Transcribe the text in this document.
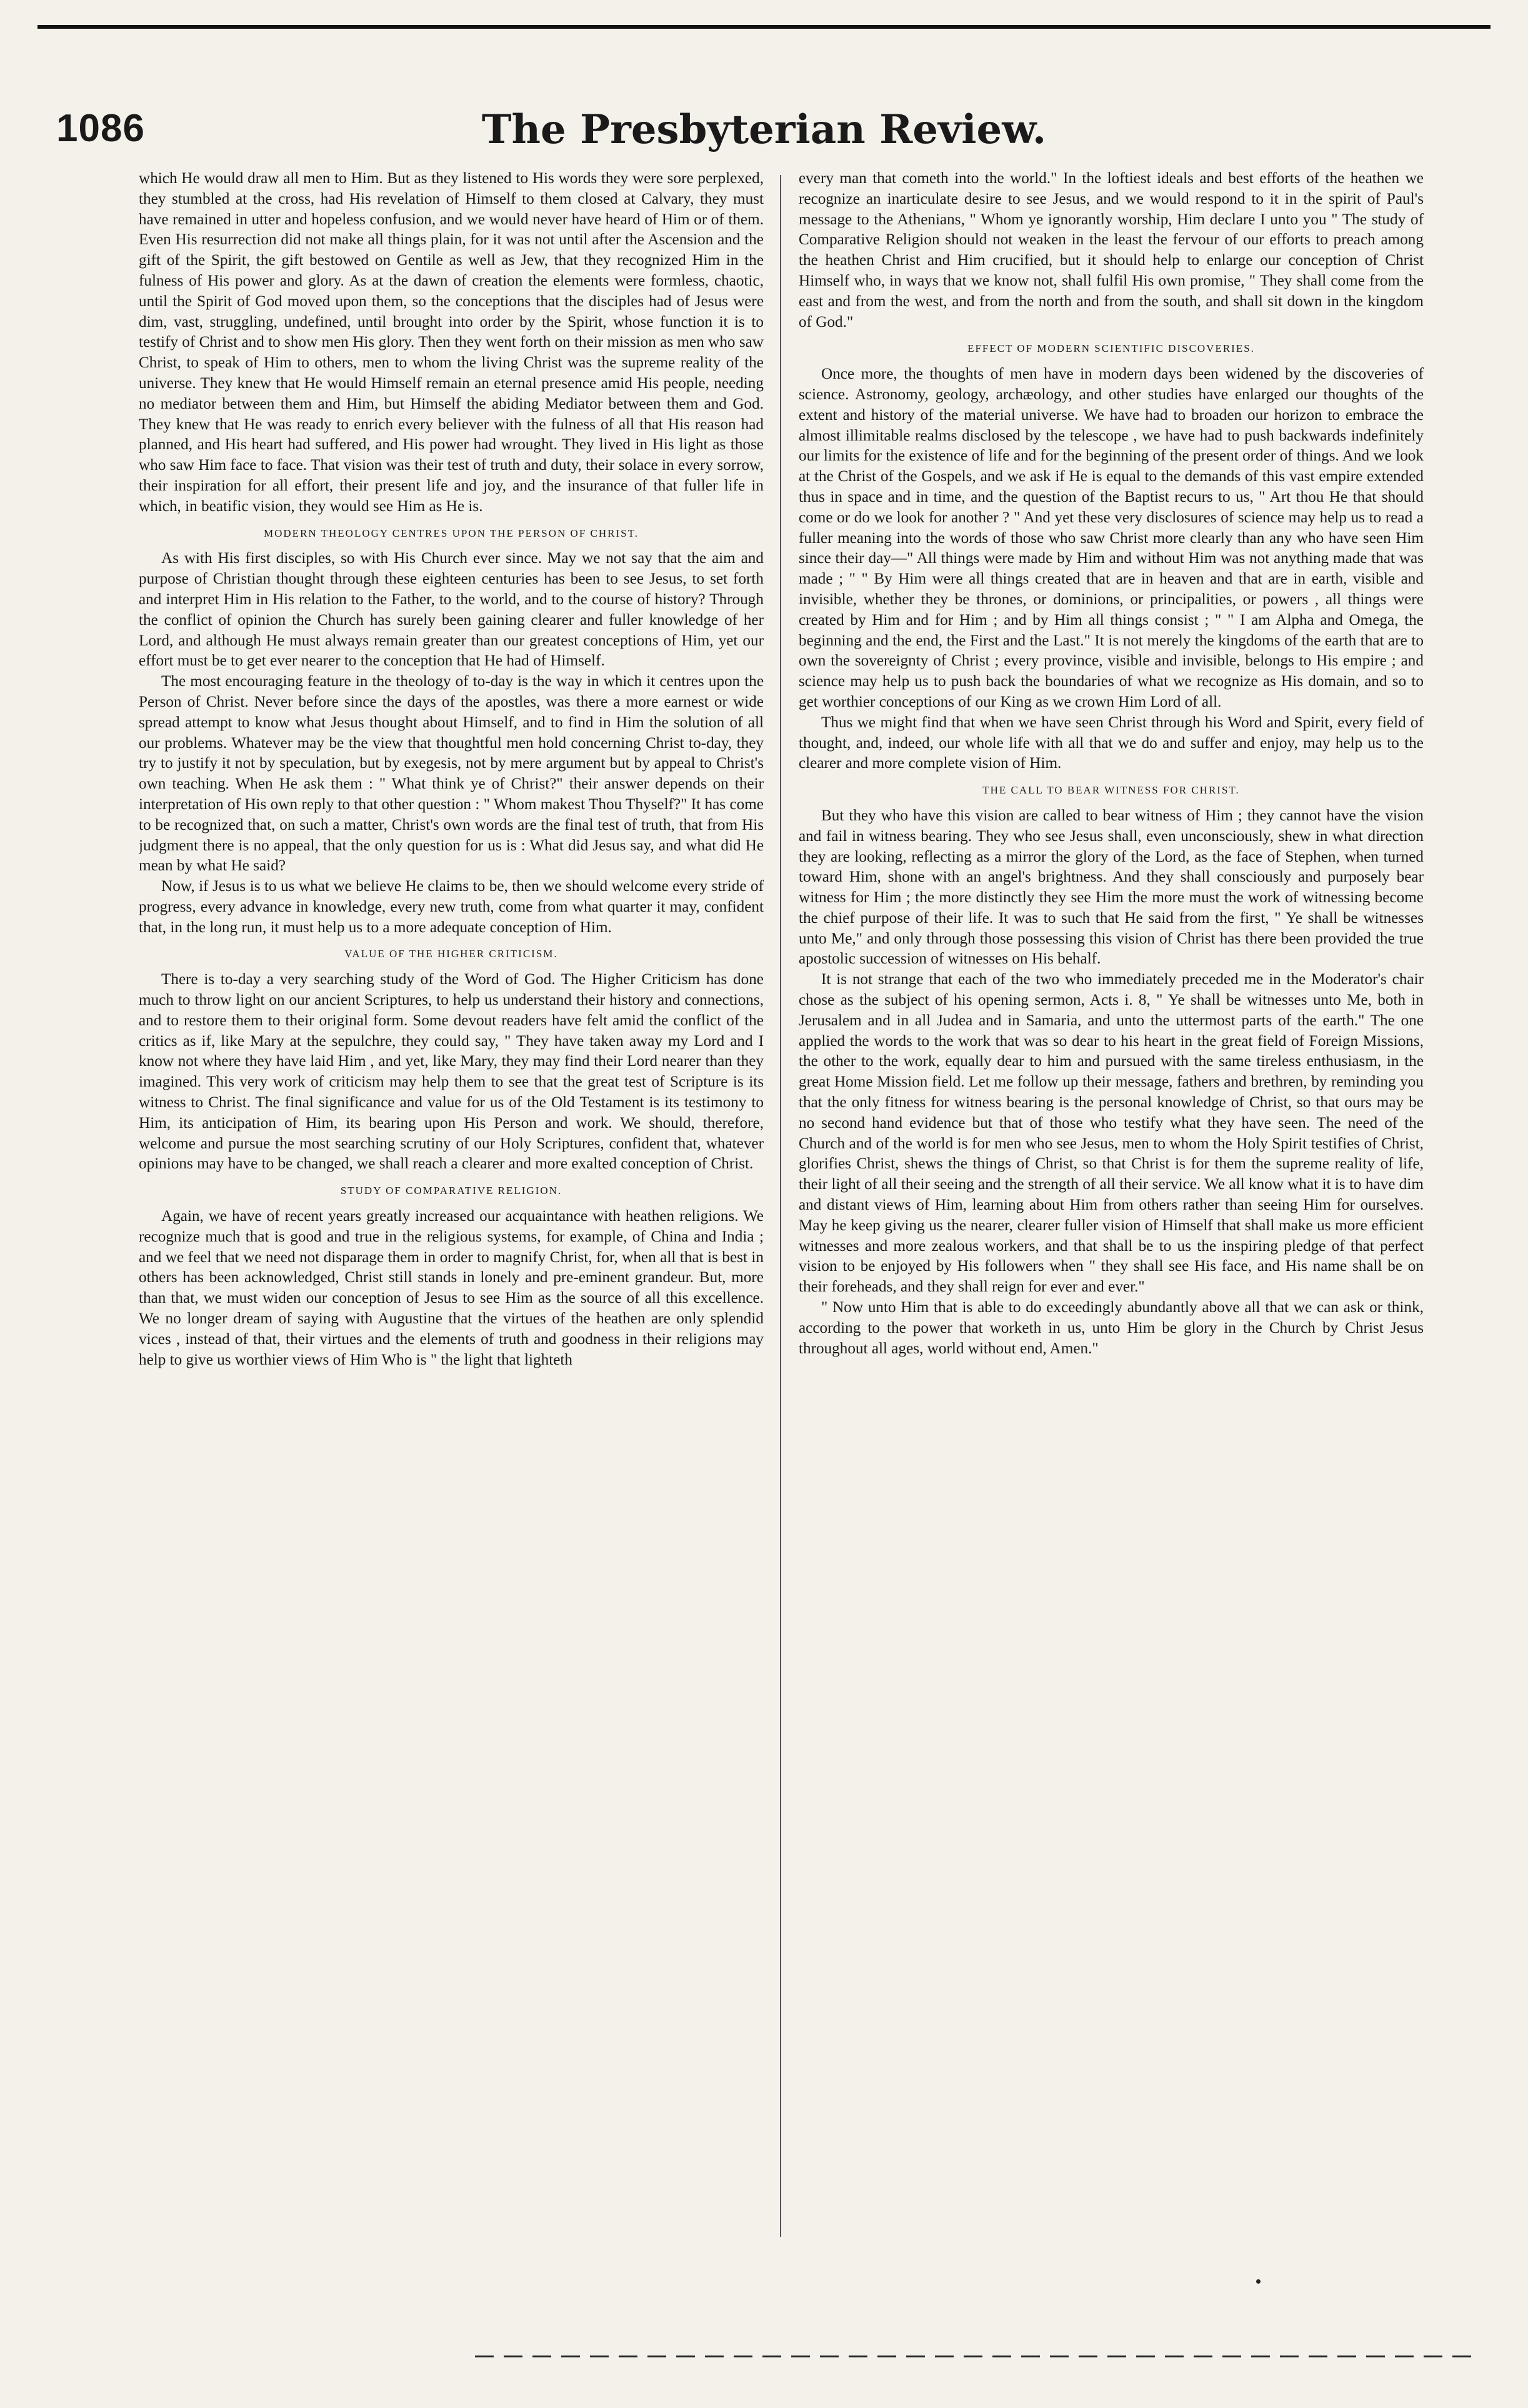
1086	The Presbyterian Review.

which He would draw all men to Him. But as they listened to His words they were sore perplexed, they stumbled at the cross, had His revelation of Himself to them closed at Calvary, they must have remained in utter and hopeless confusion, and we would never have heard of Him or of them. Even His resurrection did not make all things plain, for it was not until after the Ascension and the gift of the Spirit, the gift bestowed on Gentile as well as Jew, that they recognized Him in the fulness of His power and glory. As at the dawn of creation the elements were formless, chaotic, until the Spirit of God moved upon them, so the conceptions that the disciples had of Jesus were dim, vast, struggling, undefined, until brought into order by the Spirit, whose function it is to testify of Christ and to show men His glory. Then they went forth on their mission as men who saw Christ, to speak of Him to others, men to whom the living Christ was the supreme reality of the universe. They knew that He would Himself remain an eternal presence amid His people, needing no mediator between them and Him, but Himself the abiding Mediator between them and God. They knew that He was ready to enrich every believer with the fulness of all that His reason had planned, and His heart had suffered, and His power had wrought. They lived in His light as those who saw Him face to face. That vision was their test of truth and duty, their solace in every sorrow, their inspiration for all effort, their present life and joy, and the insurance of that fuller life in which, in beatific vision, they would see Him as He is.

MODERN THEOLOGY CENTRES UPON THE PERSON OF CHRIST.

As with His first disciples, so with His Church ever since. May we not say that the aim and purpose of Christian thought through these eighteen centuries has been to see Jesus, to set forth and interpret Him in His relation to the Father, to the world, and to the course of history? Through the conflict of opinion the Church has surely been gaining clearer and fuller knowledge of her Lord, and although He must always remain greater than our greatest conceptions of Him, yet our effort must be to get ever nearer to the conception that He had of Himself.

The most encouraging feature in the theology of to-day is the way in which it centres upon the Person of Christ. Never before since the days of the apostles, was there a more earnest or wide spread attempt to know what Jesus thought about Himself, and to find in Him the solution of all our problems. Whatever may be the view that thoughtful men hold concerning Christ to-day, they try to justify it not by speculation, but by exegesis, not by mere argument but by appeal to Christ's own teaching. When He ask them : " What think ye of Christ?" their answer depends on their interpretation of His own reply to that other question : " Whom makest Thou Thyself?" It has come to be recognized that, on such a matter, Christ's own words are the final test of truth, that from His judgment there is no appeal, that the only question for us is : What did Jesus say, and what did He mean by what He said?

Now, if Jesus is to us what we believe He claims to be, then we should welcome every stride of progress, every advance in knowledge, every new truth, come from what quarter it may, confident that, in the long run, it must help us to a more adequate conception of Him.

VALUE OF THE HIGHER CRITICISM.

There is to-day a very searching study of the Word of God. The Higher Criticism has done much to throw light on our ancient Scriptures, to help us understand their history and connections, and to restore them to their original form. Some devout readers have felt amid the conflict of the critics as if, like Mary at the sepulchre, they could say, " They have taken away my Lord and I know not where they have laid Him , and yet, like Mary, they may find their Lord nearer than they imagined. This very work of criticism may help them to see that the great test of Scripture is its witness to Christ. The final significance and value for us of the Old Testament is its testimony to Him, its anticipation of Him, its bearing upon His Person and work. We should, therefore, welcome and pursue the most searching scrutiny of our Holy Scriptures, confident that, whatever opinions may have to be changed, we shall reach a clearer and more exalted conception of Christ.

STUDY OF COMPARATIVE RELIGION.

Again, we have of recent years greatly increased our acquaintance with heathen religions. We recognize much that is good and true in the religious systems, for example, of China and India ; and we feel that we need not disparage them in order to magnify Christ, for, when all that is best in others has been acknowledged, Christ still stands in lonely and pre-eminent grandeur. But, more than that, we must widen our conception of Jesus to see Him as the source of all this excellence. We no longer dream of saying with Augustine that the virtues of the heathen are only splendid vices , instead of that, their virtues and the elements of truth and goodness in their religions may help to give us worthier views of Him Who is " the light that lighteth

every man that cometh into the world." In the loftiest ideals and best efforts of the heathen we recognize an inarticulate desire to see Jesus, and we would respond to it in the spirit of Paul's message to the Athenians, " Whom ye ignorantly worship, Him declare I unto you " The study of Comparative Religion should not weaken in the least the fervour of our efforts to preach among the heathen Christ and Him crucified, but it should help to enlarge our conception of Christ Himself who, in ways that we know not, shall fulfil His own promise, " They shall come from the east and from the west, and from the north and from the south, and shall sit down in the kingdom of God."

EFFECT OF MODERN SCIENTIFIC DISCOVERIES.

Once more, the thoughts of men have in modern days been widened by the discoveries of science. Astronomy, geology, archæology, and other studies have enlarged our thoughts of the extent and history of the material universe. We have had to broaden our horizon to embrace the almost illimitable realms disclosed by the telescope , we have had to push backwards indefinitely our limits for the existence of life and for the beginning of the present order of things. And we look at the Christ of the Gospels, and we ask if He is equal to the demands of this vast empire extended thus in space and in time, and the question of the Baptist recurs to us, " Art thou He that should come or do we look for another ? " And yet these very disclosures of science may help us to read a fuller meaning into the words of those who saw Christ more clearly than any who have seen Him since their day—" All things were made by Him and without Him was not anything made that was made ; " " By Him were all things created that are in heaven and that are in earth, visible and invisible, whether they be thrones, or dominions, or principalities, or powers , all things were created by Him and for Him ; and by Him all things consist ; " " I am Alpha and Omega, the beginning and the end, the First and the Last." It is not merely the kingdoms of the earth that are to own the sovereignty of Christ ; every province, visible and invisible, belongs to His empire ; and science may help us to push back the boundaries of what we recognize as His domain, and so to get worthier conceptions of our King as we crown Him Lord of all.

Thus we might find that when we have seen Christ through his Word and Spirit, every field of thought, and, indeed, our whole life with all that we do and suffer and enjoy, may help us to the clearer and more complete vision of Him.

THE CALL TO BEAR WITNESS FOR CHRIST.

But they who have this vision are called to bear witness of Him ; they cannot have the vision and fail in witness bearing. They who see Jesus shall, even unconsciously, shew in what direction they are looking, reflecting as a mirror the glory of the Lord, as the face of Stephen, when turned toward Him, shone with an angel's brightness. And they shall consciously and purposely bear witness for Him ; the more distinctly they see Him the more must the work of witnessing become the chief purpose of their life. It was to such that He said from the first, " Ye shall be witnesses unto Me," and only through those possessing this vision of Christ has there been provided the true apostolic succession of witnesses on His behalf.

It is not strange that each of the two who immediately preceded me in the Moderator's chair chose as the subject of his opening sermon, Acts i. 8, " Ye shall be witnesses unto Me, both in Jerusalem and in all Judea and in Samaria, and unto the uttermost parts of the earth." The one applied the words to the work that was so dear to his heart in the great field of Foreign Missions, the other to the work, equally dear to him and pursued with the same tireless enthusiasm, in the great Home Mission field. Let me follow up their message, fathers and brethren, by reminding you that the only fitness for witness bearing is the personal knowledge of Christ, so that ours may be no second hand evidence but that of those who testify what they have seen. The need of the Church and of the world is for men who see Jesus, men to whom the Holy Spirit testifies of Christ, glorifies Christ, shews the things of Christ, so that Christ is for them the supreme reality of life, their light of all their seeing and the strength of all their service. We all know what it is to have dim and distant views of Him, learning about Him from others rather than seeing Him for ourselves. May he keep giving us the nearer, clearer fuller vision of Himself that shall make us more efficient witnesses and more zealous workers, and that shall be to us the inspiring pledge of that perfect vision to be enjoyed by His followers when " they shall see His face, and His name shall be on their foreheads, and they shall reign for ever and ever."

" Now unto Him that is able to do exceedingly abundantly above all that we can ask or think, according to the power that worketh in us, unto Him be glory in the Church by Christ Jesus throughout all ages, world without end, Amen."
